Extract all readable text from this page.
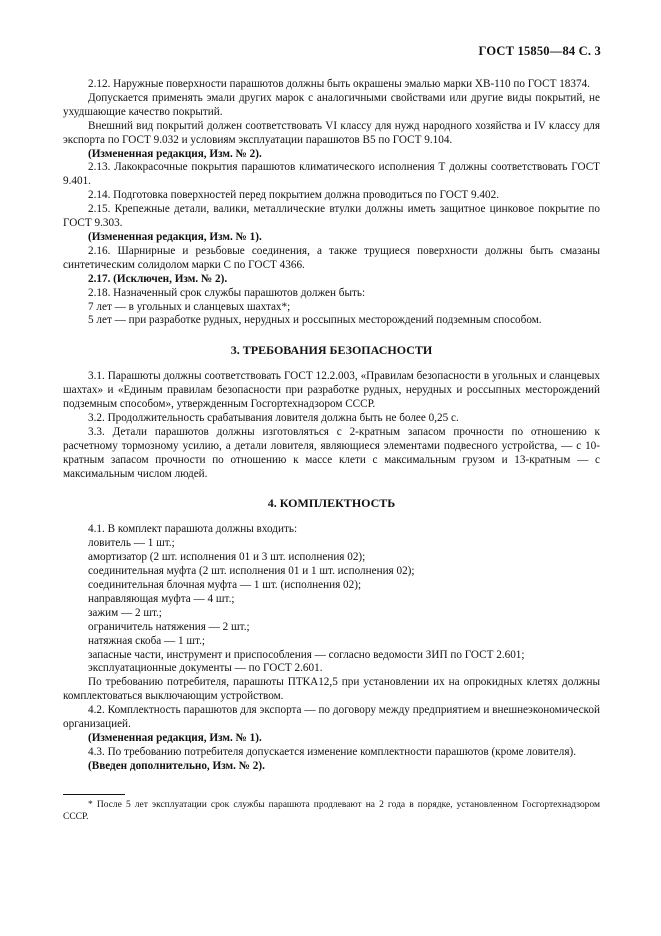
ГОСТ 15850—84 С. 3

2.12. Наружные поверхности парашютов должны быть окрашены эмалью марки ХВ-110 по ГОСТ 18374.

Допускается применять эмали других марок с аналогичными свойствами или другие виды покрытий, не ухудшающие качество покрытий.

Внешний вид покрытий должен соответствовать VI классу для нужд народного хозяйства и IV классу для экспорта по ГОСТ 9.032 и условиям эксплуатации парашютов В5 по ГОСТ 9.104.

(Измененная редакция, Изм. № 2).

2.13. Лакокрасочные покрытия парашютов климатического исполнения Т должны соответствовать ГОСТ 9.401.

2.14. Подготовка поверхностей перед покрытием должна проводиться по ГОСТ 9.402.

2.15. Крепежные детали, валики, металлические втулки должны иметь защитное цинковое покрытие по ГОСТ 9.303.

(Измененная редакция, Изм. № 1).

2.16. Шарнирные и резьбовые соединения, а также трущиеся поверхности должны быть смазаны синтетическим солидолом марки С по ГОСТ 4366.

2.17. (Исключен, Изм. № 2).

2.18. Назначенный срок службы парашютов должен быть:

7 лет — в угольных и сланцевых шахтах*;

5 лет — при разработке рудных, нерудных и россыпных месторождений подземным способом.

3. ТРЕБОВАНИЯ БЕЗОПАСНОСТИ

3.1. Парашюты должны соответствовать ГОСТ 12.2.003, «Правилам безопасности в угольных и сланцевых шахтах» и «Единым правилам безопасности при разработке рудных, нерудных и россыпных месторождений подземным способом», утвержденным Госгортехнадзором СССР.

3.2. Продолжительность срабатывания ловителя должна быть не более 0,25 с.

3.3. Детали парашютов должны изготовляться с 2-кратным запасом прочности по отношению к расчетному тормозному усилию, а детали ловителя, являющиеся элементами подвесного устройства, — с 10-кратным запасом прочности по отношению к массе клети с максимальным грузом и 13-кратным — с максимальным числом людей.

4. КОМПЛЕКТНОСТЬ

4.1. В комплект парашюта должны входить:

ловитель — 1 шт.;

амортизатор (2 шт. исполнения 01 и 3 шт. исполнения 02);

соединительная муфта (2 шт. исполнения 01 и 1 шт. исполнения 02);

соединительная блочная муфта — 1 шт. (исполнения 02);

направляющая муфта — 4 шт.;

зажим — 2 шт.;

ограничитель натяжения — 2 шт.;

натяжная скоба — 1 шт.;

запасные части, инструмент и приспособления — согласно ведомости ЗИП по ГОСТ 2.601;

эксплуатационные документы — по ГОСТ 2.601.

По требованию потребителя, парашюты ПТКА12,5 при установлении их на опрокидных клетях должны комплектоваться выключающим устройством.

4.2. Комплектность парашютов для экспорта — по договору между предприятием и внешнеэкономической организацией.

(Измененная редакция, Изм. № 1).

4.3. По требованию потребителя допускается изменение комплектности парашютов (кроме ловителя).

(Введен дополнительно, Изм. № 2).

* После 5 лет эксплуатации срок службы парашюта продлевают на 2 года в порядке, установленном Госгортехнадзором СССР.
